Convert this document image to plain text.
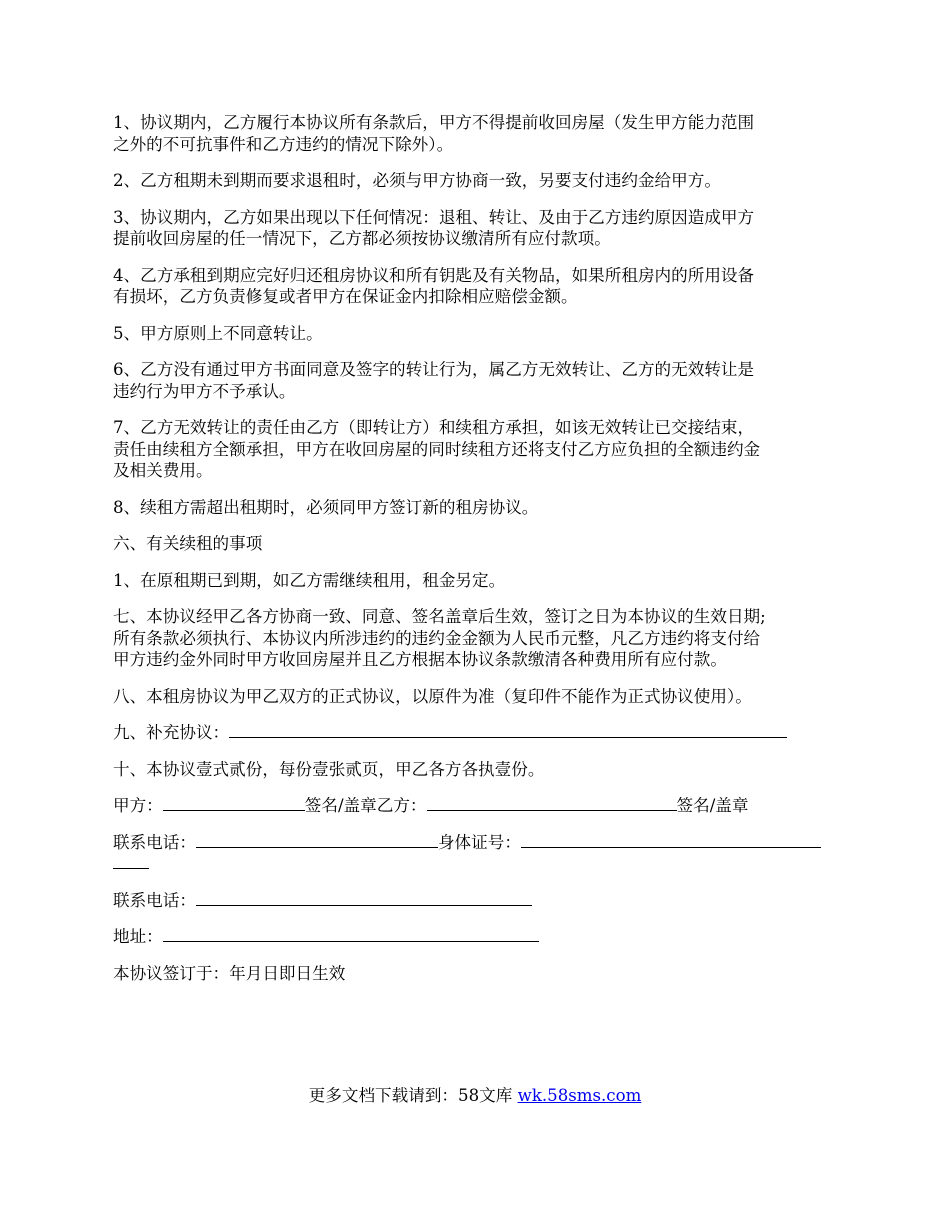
1、协议期内，乙方履行本协议所有条款后，甲方不得提前收回房屋（发生甲方能力范围
之外的不可抗事件和乙方违约的情况下除外）。

2、乙方租期未到期而要求退租时，必须与甲方协商一致，另要支付违约金给甲方。

3、协议期内，乙方如果出现以下任何情况：退租、转让、及由于乙方违约原因造成甲方
提前收回房屋的任一情况下，乙方都必须按协议缴清所有应付款项。

4、乙方承租到期应完好归还租房协议和所有钥匙及有关物品，如果所租房内的所用设备
有损坏，乙方负责修复或者甲方在保证金内扣除相应赔偿金额。

5、甲方原则上不同意转让。

6、乙方没有通过甲方书面同意及签字的转让行为，属乙方无效转让、乙方的无效转让是
违约行为甲方不予承认。

7、乙方无效转让的责任由乙方（即转让方）和续租方承担，如该无效转让已交接结束，
责任由续租方全额承担，甲方在收回房屋的同时续租方还将支付乙方应负担的全额违约金
及相关费用。

8、续租方需超出租期时，必须同甲方签订新的租房协议。

六、有关续租的事项

1、在原租期已到期，如乙方需继续租用，租金另定。

七、本协议经甲乙各方协商一致、同意、签名盖章后生效，签订之日为本协议的生效日期;
所有条款必须执行、本协议内所涉违约的违约金金额为人民币元整，凡乙方违约将支付给
甲方违约金外同时甲方收回房屋并且乙方根据本协议条款缴清各种费用所有应付款。

八、本租房协议为甲乙双方的正式协议，以原件为准（复印件不能作为正式协议使用）。

九、补充协议：

十、本协议壹式贰份，每份壹张贰页，甲乙各方各执壹份。

甲方：	签名/盖章乙方：	签名/盖章

联系电话：	身体证号：

联系电话：

地址：

本协议签订于：年月日即日生效

更多文档下载请到：58文库 wk.58sms.com
